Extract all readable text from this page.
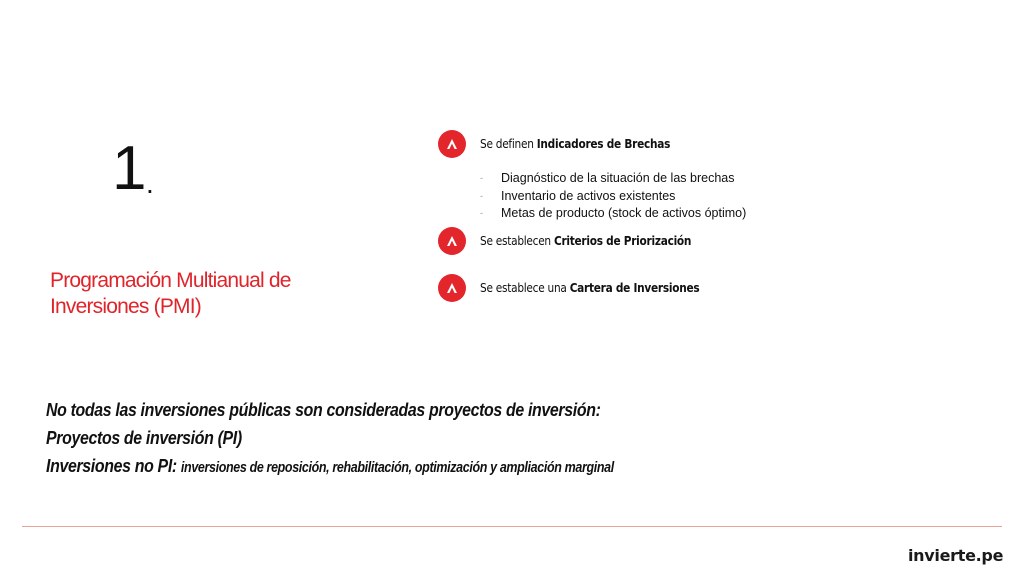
1 .
Programación Multianual de Inversiones (PMI)
Se definen Indicadores de Brechas
- Diagnóstico de la situación de las brechas
- Inventario de activos existentes
- Metas de producto (stock de activos óptimo)
Se establecen Criterios de Priorización
Se establece una Cartera de Inversiones
No todas las inversiones públicas son consideradas proyectos de inversión:
Proyectos de inversión (PI)
Inversiones no PI: inversiones de reposición, rehabilitación, optimización y ampliación marginal
invierte.pe
